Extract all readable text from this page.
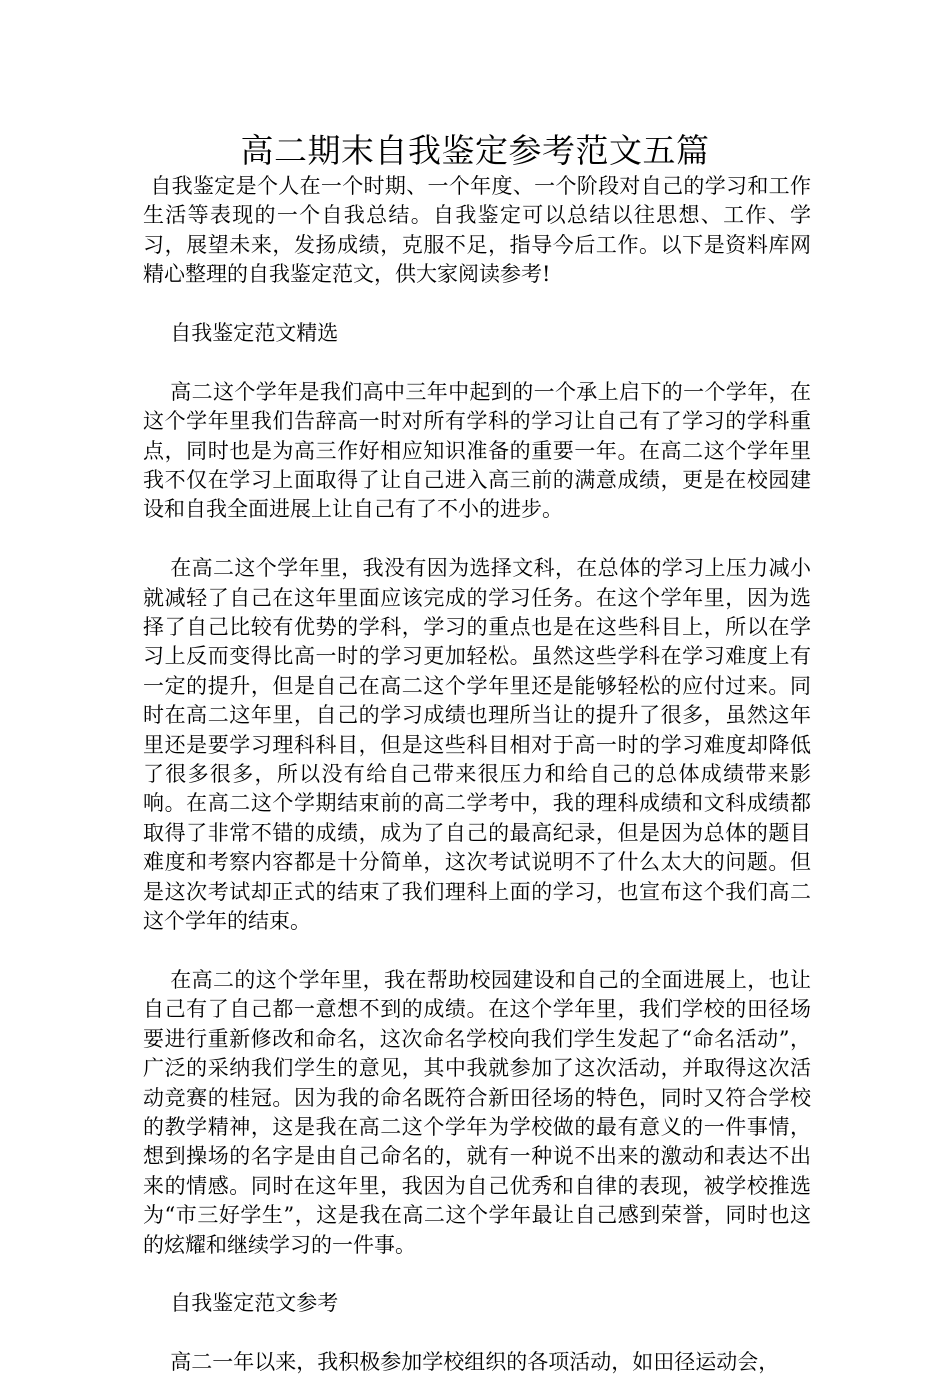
高二期末自我鉴定参考范文五篇

自我鉴定是个人在一个时期、一个年度、一个阶段对自己的学习和工作生活等表现的一个自我总结。自我鉴定可以总结以往思想、工作、学习，展望未来，发扬成绩，克服不足，指导今后工作。以下是资料库网精心整理的自我鉴定范文，供大家阅读参考!

自我鉴定范文精选

高二这个学年是我们高中三年中起到的一个承上启下的一个学年，在这个学年里我们告辞高一时对所有学科的学习让自己有了学习的学科重点，同时也是为高三作好相应知识准备的重要一年。在高二这个学年里我不仅在学习上面取得了让自己进入高三前的满意成绩，更是在校园建设和自我全面进展上让自己有了不小的进步。

在高二这个学年里，我没有因为选择文科，在总体的学习上压力减小就减轻了自己在这年里面应该完成的学习任务。在这个学年里，因为选择了自己比较有优势的学科，学习的重点也是在这些科目上，所以在学习上反而变得比高一时的学习更加轻松。虽然这些学科在学习难度上有一定的提升，但是自己在高二这个学年里还是能够轻松的应付过来。同时在高二这年里，自己的学习成绩也理所当让的提升了很多，虽然这年里还是要学习理科科目，但是这些科目相对于高一时的学习难度却降低了很多很多，所以没有给自己带来很压力和给自己的总体成绩带来影响。在高二这个学期结束前的高二学考中，我的理科成绩和文科成绩都取得了非常不错的成绩，成为了自己的最高纪录，但是因为总体的题目难度和考察内容都是十分简单，这次考试说明不了什么太大的问题。但是这次考试却正式的结束了我们理科上面的学习，也宣布这个我们高二这个学年的结束。

在高二的这个学年里，我在帮助校园建设和自己的全面进展上，也让自己有了自己都一意想不到的成绩。在这个学年里，我们学校的田径场要进行重新修改和命名，这次命名学校向我们学生发起了“命名活动”，广泛的采纳我们学生的意见，其中我就参加了这次活动，并取得这次活动竞赛的桂冠。因为我的命名既符合新田径场的特色，同时又符合学校的教学精神，这是我在高二这个学年为学校做的最有意义的一件事情，想到操场的名字是由自己命名的，就有一种说不出来的激动和表达不出来的情感。同时在这年里，我因为自己优秀和自律的表现，被学校推选为“市三好学生”，这是我在高二这个学年最让自己感到荣誉，同时也这的炫耀和继续学习的一件事。

自我鉴定范文参考

高二一年以来，我积极参加学校组织的各项活动，如田径运动会，
